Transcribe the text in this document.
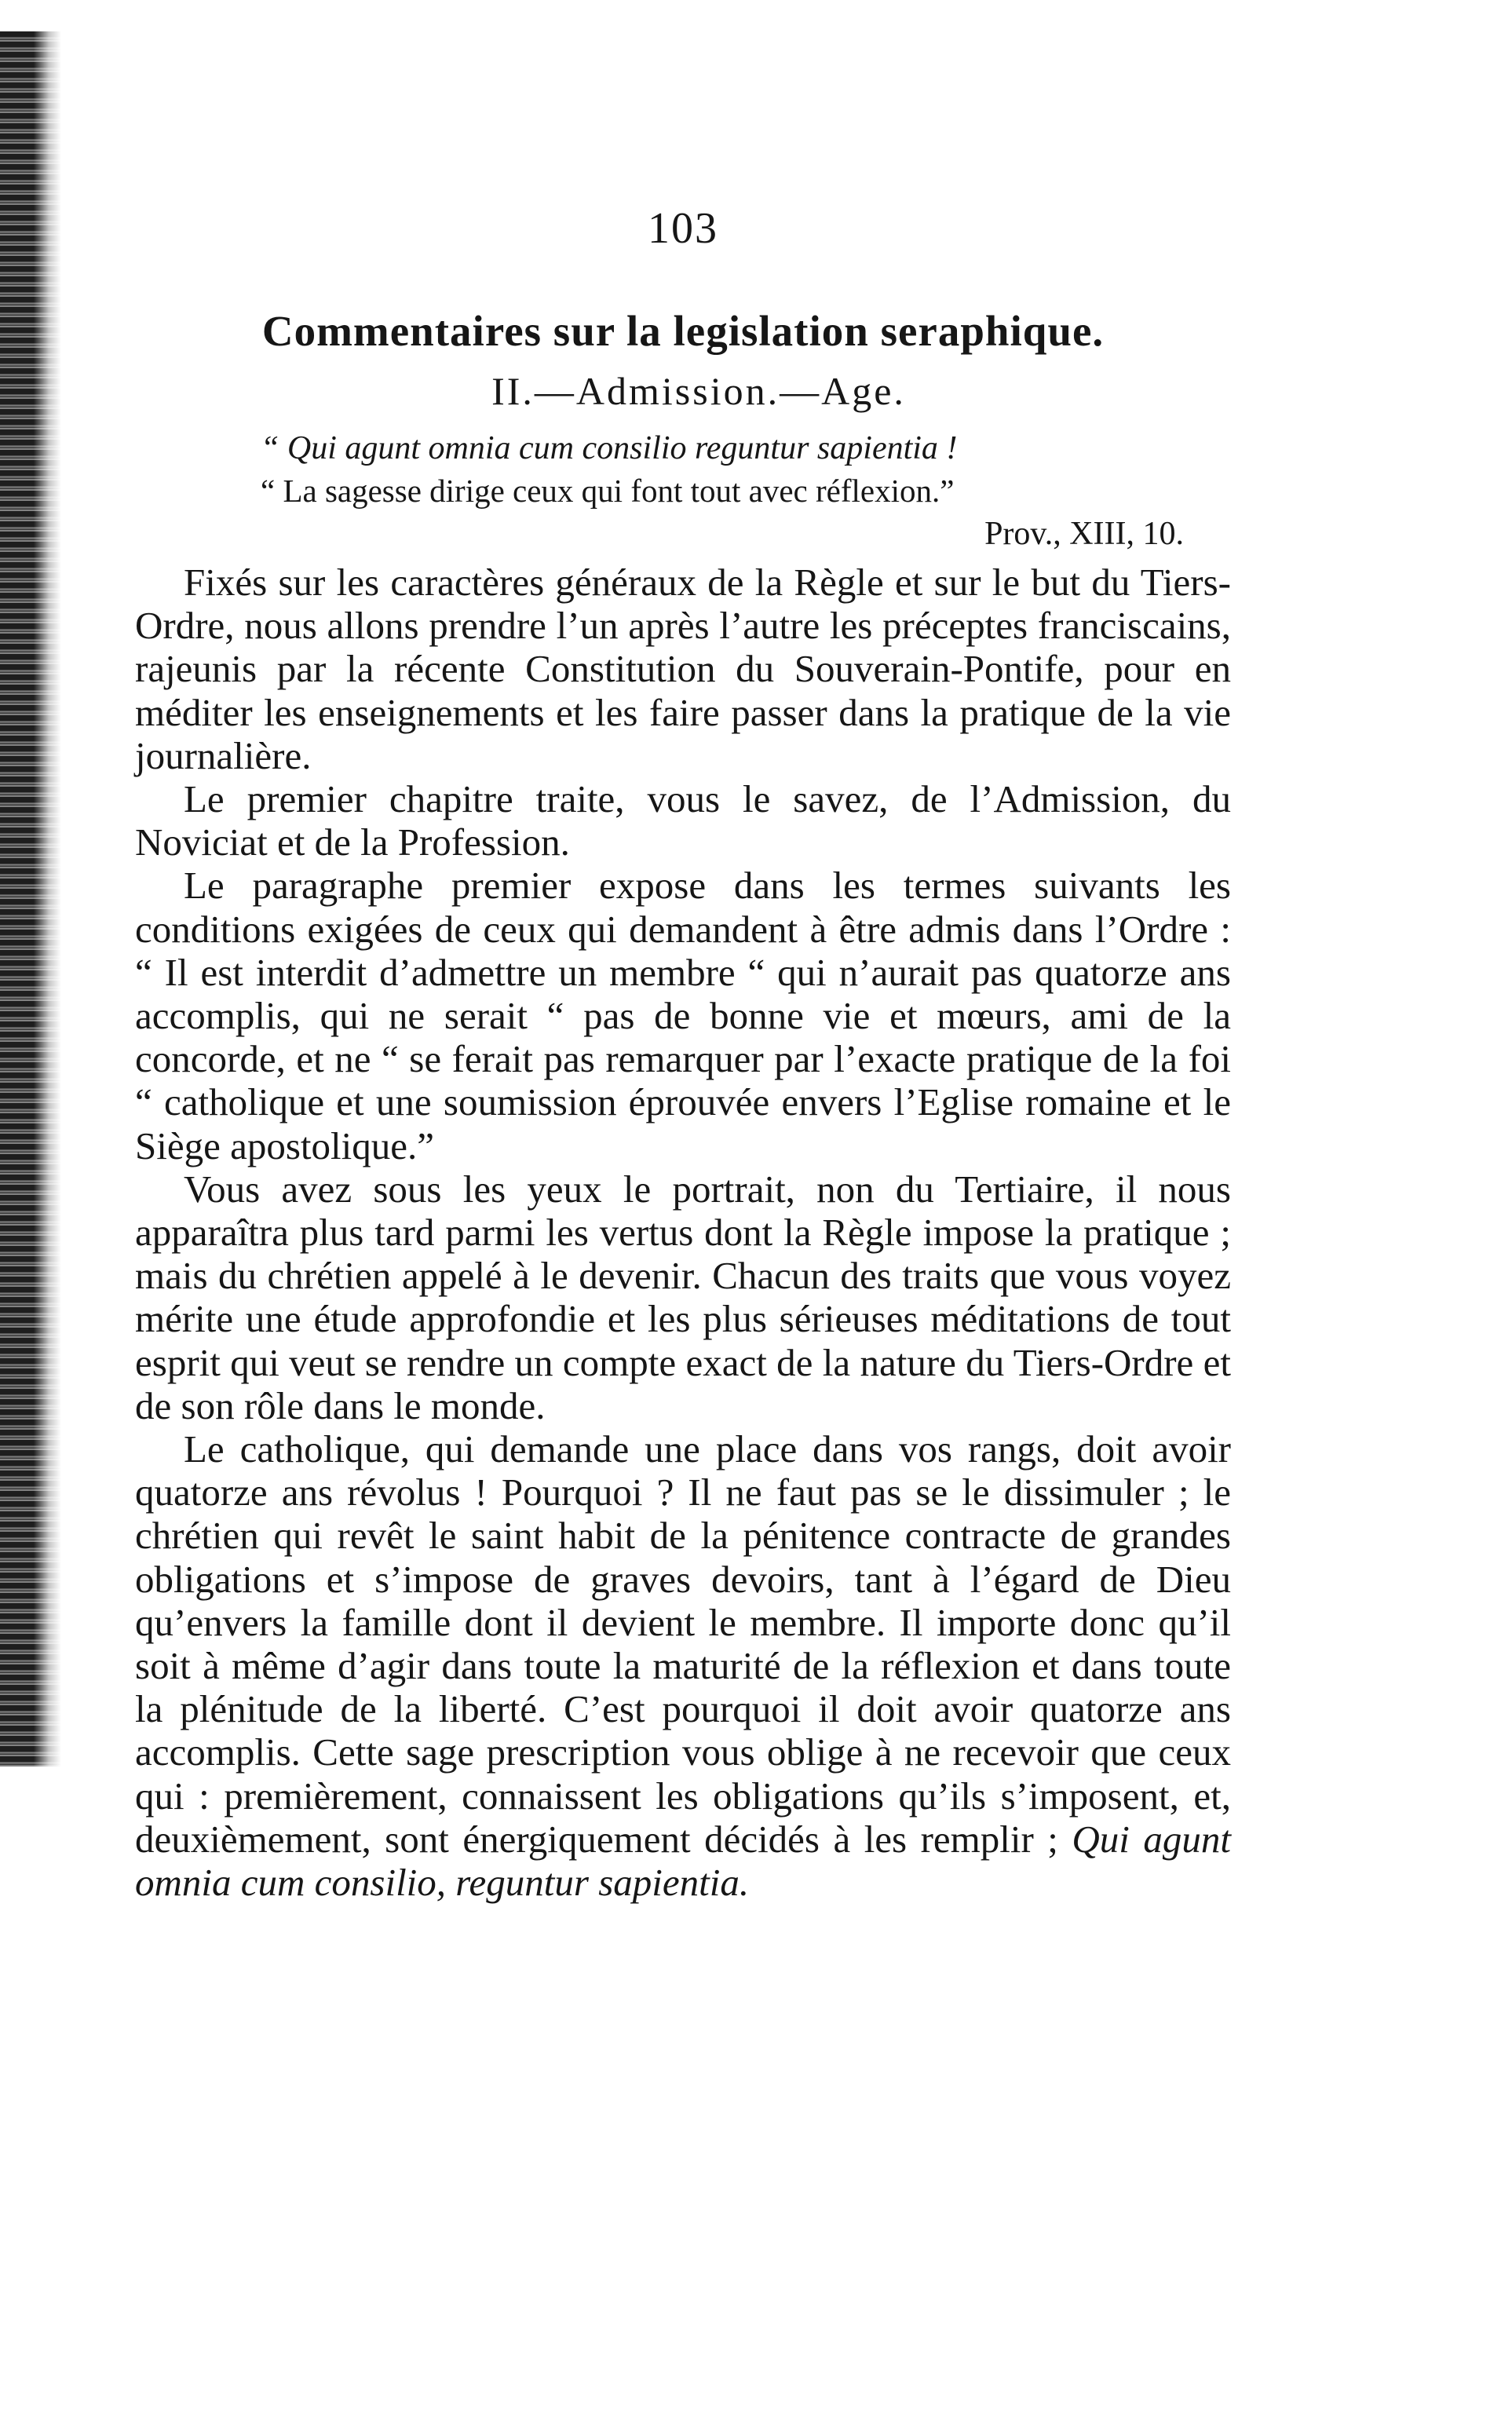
103
Commentaires sur la legislation seraphique.
II.—Admission.—Age.

“ Qui agunt omnia cum consilio reguntur sapientia !

“ La sagesse dirige ceux qui font tout avec réflexion.”

Prov., XIII, 10.

Fixés sur les caractères généraux de la Règle et sur le but du Tiers-Ordre, nous allons prendre l’un après l’autre les préceptes franciscains, rajeunis par la récente Constitution du Souverain-Pontife, pour en méditer les enseignements et les faire passer dans la pratique de la vie journalière.

Le premier chapitre traite, vous le savez, de l’Admission, du Noviciat et de la Profession.

Le paragraphe premier expose dans les termes suivants les conditions exigées de ceux qui demandent à être admis dans l’Ordre : “ Il est interdit d’admettre un membre “ qui n’aurait pas quatorze ans accomplis, qui ne serait “ pas de bonne vie et mœurs, ami de la concorde, et ne “ se ferait pas remarquer par l’exacte pratique de la foi “ catholique et une soumission éprouvée envers l’Eglise romaine et le Siège apostolique.”

Vous avez sous les yeux le portrait, non du Tertiaire, il nous apparaîtra plus tard parmi les vertus dont la Règle impose la pratique ; mais du chrétien appelé à le devenir. Chacun des traits que vous voyez mérite une étude approfondie et les plus sérieuses méditations de tout esprit qui veut se rendre un compte exact de la nature du Tiers-Ordre et de son rôle dans le monde.

Le catholique, qui demande une place dans vos rangs, doit avoir quatorze ans révolus ! Pourquoi ? Il ne faut pas se le dissimuler ; le chrétien qui revêt le saint habit de la pénitence contracte de grandes obligations et s’impose de graves devoirs, tant à l’égard de Dieu qu’envers la famille dont il devient le membre. Il importe donc qu’il soit à même d’agir dans toute la maturité de la réflexion et dans toute la plénitude de la liberté. C’est pourquoi il doit avoir quatorze ans accomplis. Cette sage prescription vous oblige à ne recevoir que ceux qui : premièrement, connaissent les obligations qu’ils s’imposent, et, deuxièmement, sont énergiquement décidés à les remplir ; Qui agunt omnia cum consilio, reguntur sapientia.
